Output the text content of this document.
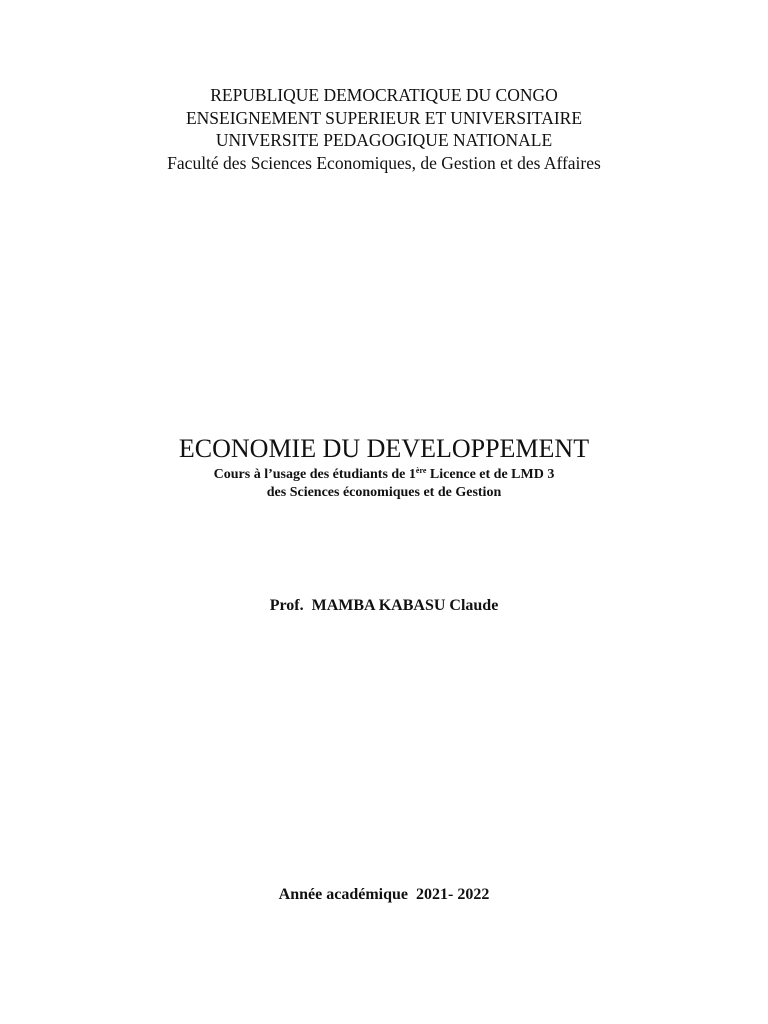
REPUBLIQUE DEMOCRATIQUE DU CONGO
ENSEIGNEMENT SUPERIEUR ET UNIVERSITAIRE
UNIVERSITE PEDAGOGIQUE NATIONALE
Faculté des Sciences Economiques, de Gestion et des Affaires
ECONOMIE DU DEVELOPPEMENT
Cours à l’usage des étudiants de 1ère Licence et de LMD 3
des Sciences économiques et de Gestion
Prof.  MAMBA KABASU Claude
Année académique  2021- 2022
